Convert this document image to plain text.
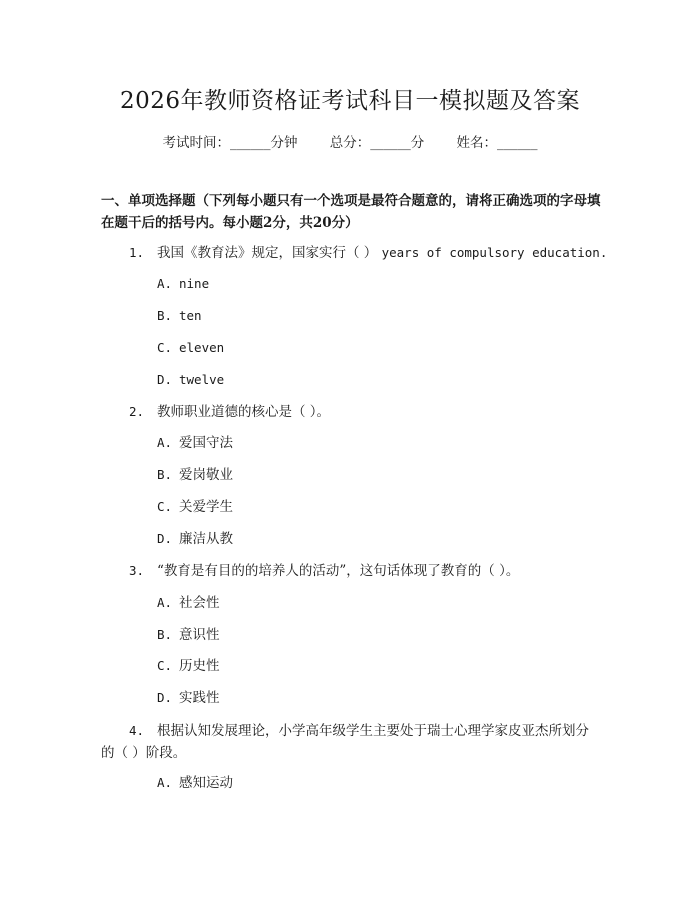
2026年教师资格证考试科目一模拟题及答案
考试时间：______分钟 总分：______分 姓名：______
一、单项选择题（下列每小题只有一个选项是最符合题意的，请将正确选项的字母填在题干后的括号内。每小题2分，共20分）
1. 我国《教育法》规定，国家实行（ ） years of compulsory education.
A. nine
B. ten
C. eleven
D. twelve
2. 教师职业道德的核心是（ ）。
A. 爱国守法
B. 爱岗敬业
C. 关爱学生
D. 廉洁从教
3. “教育是有目的的培养人的活动”，这句话体现了教育的（ ）。
A. 社会性
B. 意识性
C. 历史性
D. 实践性
4. 根据认知发展理论，小学高年级学生主要处于瑞士心理学家皮亚杰所划分的（ ）阶段。
A. 感知运动
